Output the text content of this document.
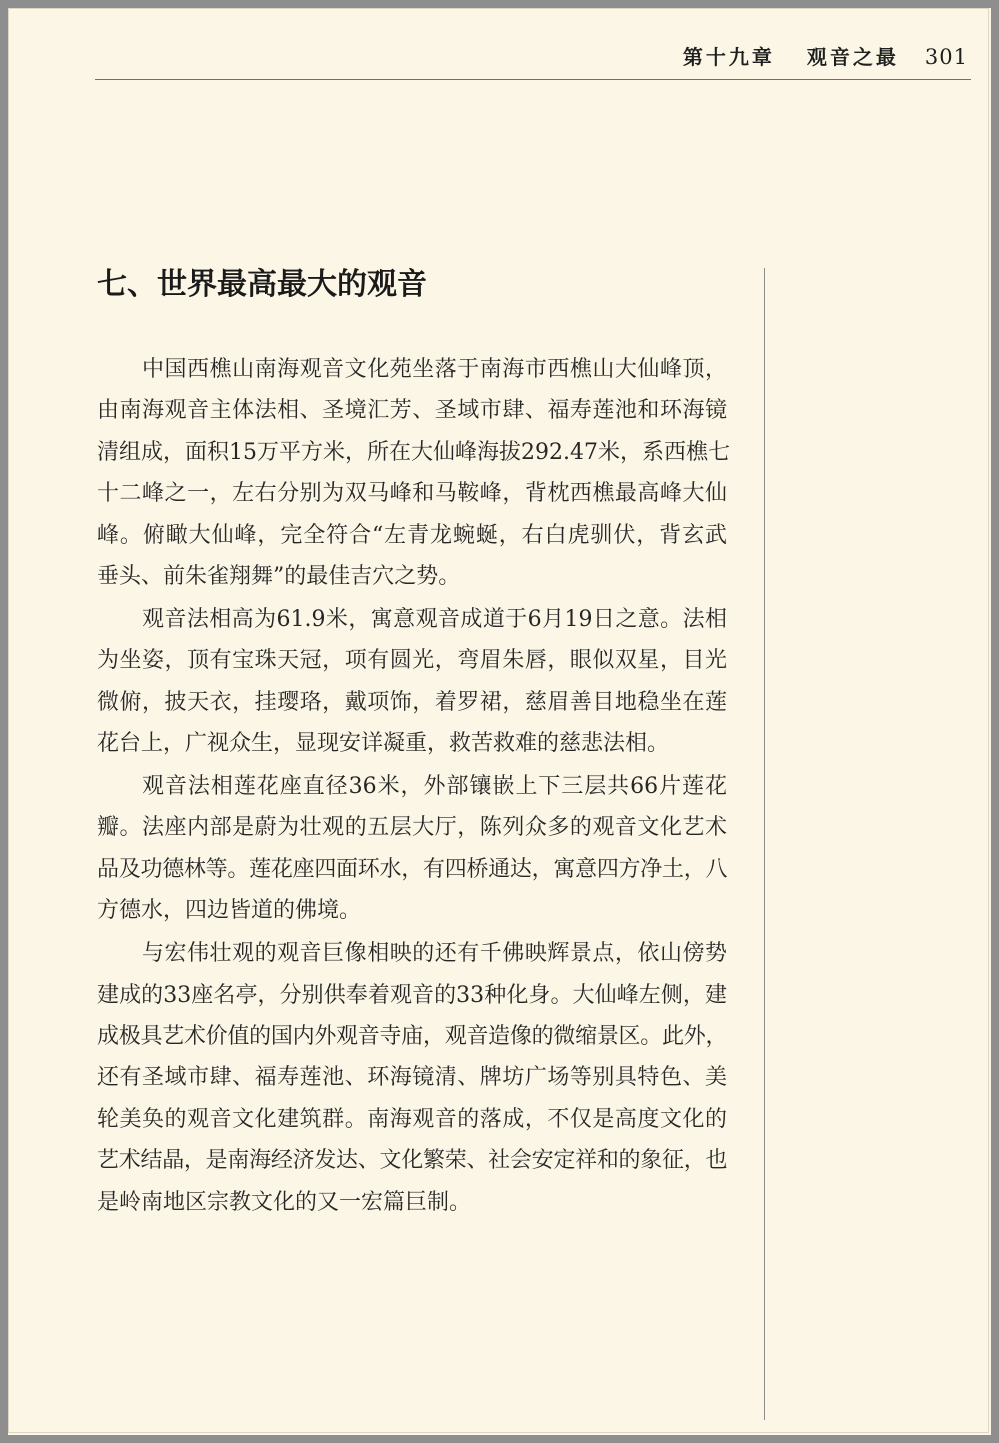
第十九章 观音之最 301
七、世界最高最大的观音
中国西樵山南海观音文化苑坐落于南海市西樵山大仙峰顶，
由南海观音主体法相、圣境汇芳、圣域市肆、福寿莲池和环海镜
清组成，面积15万平方米，所在大仙峰海拔292.47米，系西樵七
十二峰之一，左右分别为双马峰和马鞍峰，背枕西樵最高峰大仙
峰。俯瞰大仙峰，完全符合“左青龙蜿蜒，右白虎驯伏，背玄武
垂头、前朱雀翔舞”的最佳吉穴之势。
观音法相高为61.9米，寓意观音成道于6月19日之意。法相
为坐姿，顶有宝珠天冠，项有圆光，弯眉朱唇，眼似双星，目光
微俯，披天衣，挂璎珞，戴项饰，着罗裙，慈眉善目地稳坐在莲
花台上，广视众生，显现安详凝重，救苦救难的慈悲法相。
观音法相莲花座直径36米，外部镶嵌上下三层共66片莲花
瓣。法座内部是蔚为壮观的五层大厅，陈列众多的观音文化艺术
品及功德林等。莲花座四面环水，有四桥通达，寓意四方净土，八
方德水，四边皆道的佛境。
与宏伟壮观的观音巨像相映的还有千佛映辉景点，依山傍势
建成的33座名亭，分别供奉着观音的33种化身。大仙峰左侧，建
成极具艺术价值的国内外观音寺庙，观音造像的微缩景区。此外，
还有圣域市肆、福寿莲池、环海镜清、牌坊广场等别具特色、美
轮美奂的观音文化建筑群。南海观音的落成，不仅是高度文化的
艺术结晶，是南海经济发达、文化繁荣、社会安定祥和的象征，也
是岭南地区宗教文化的又一宏篇巨制。
